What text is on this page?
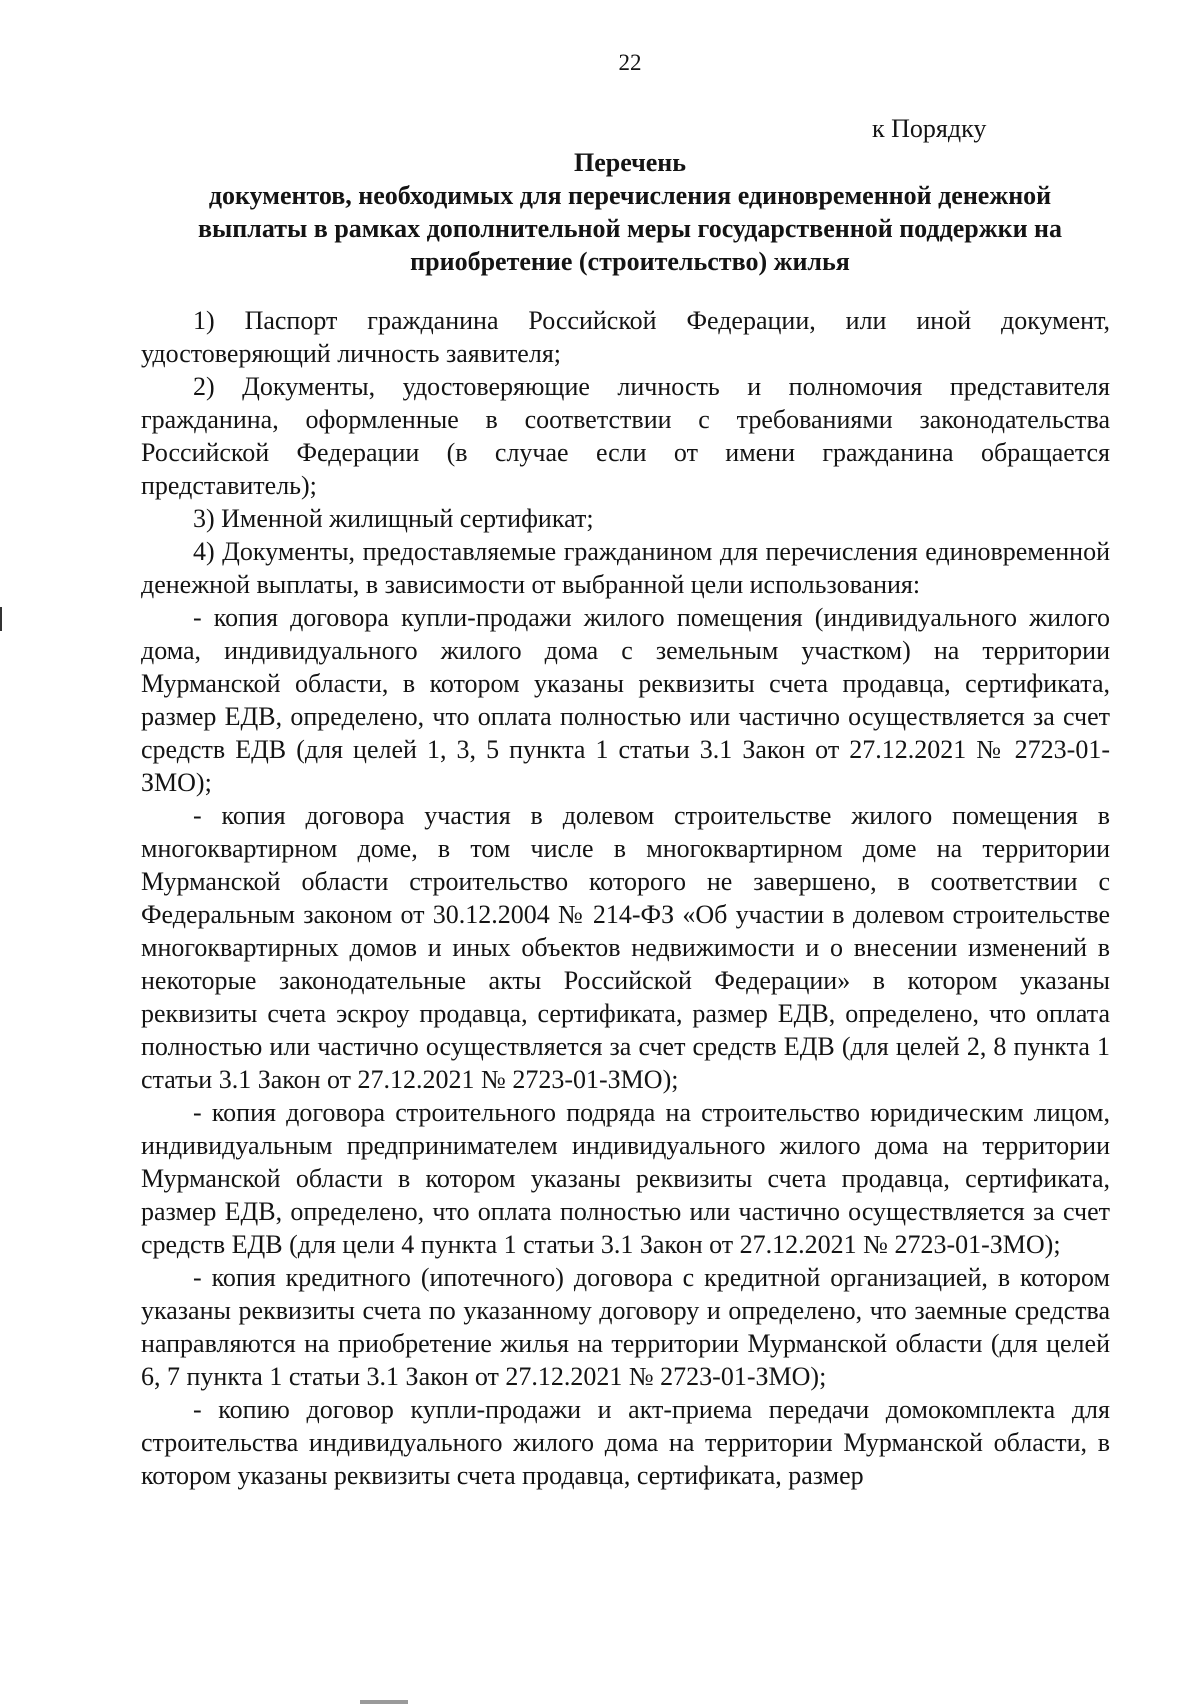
22
к Порядку
Перечень
документов, необходимых для перечисления единовременной денежной
выплаты в рамках дополнительной меры государственной поддержки на
приобретение (строительство) жилья

1) Паспорт гражданина Российской Федерации, или иной документ, удостоверяющий личность заявителя;

2) Документы, удостоверяющие личность и полномочия представителя гражданина, оформленные в соответствии с требованиями законодательства Российской Федерации (в случае если от имени гражданина обращается представитель);

3) Именной жилищный сертификат;

4) Документы, предоставляемые гражданином для перечисления единовременной денежной выплаты, в зависимости от выбранной цели использования:

- копия договора купли-продажи жилого помещения (индивидуального жилого дома, индивидуального жилого дома с земельным участком) на территории Мурманской области, в котором указаны реквизиты счета продавца, сертификата, размер ЕДВ, определено, что оплата полностью или частично осуществляется за счет средств ЕДВ (для целей 1, 3, 5 пункта 1 статьи 3.1 Закон от 27.12.2021 № 2723-01-ЗМО);

- копия договора участия в долевом строительстве жилого помещения в многоквартирном доме, в том числе в многоквартирном доме на территории Мурманской области строительство которого не завершено, в соответствии с Федеральным законом от 30.12.2004 № 214-ФЗ «Об участии в долевом строительстве многоквартирных домов и иных объектов недвижимости и о внесении изменений в некоторые законодательные акты Российской Федерации» в котором указаны реквизиты счета эскроу продавца, сертификата, размер ЕДВ, определено, что оплата полностью или частично осуществляется за счет средств ЕДВ (для целей 2, 8 пункта 1 статьи 3.1 Закон от 27.12.2021 № 2723-01-ЗМО);

- копия договора строительного подряда на строительство юридическим лицом, индивидуальным предпринимателем индивидуального жилого дома на территории Мурманской области в котором указаны реквизиты счета продавца, сертификата, размер ЕДВ, определено, что оплата полностью или частично осуществляется за счет средств ЕДВ (для цели 4 пункта 1 статьи 3.1 Закон от 27.12.2021 № 2723-01-ЗМО);

- копия кредитного (ипотечного) договора с кредитной организацией, в котором указаны реквизиты счета по указанному договору и определено, что заемные средства направляются на приобретение жилья на территории Мурманской области (для целей 6, 7 пункта 1 статьи 3.1 Закон от 27.12.2021 № 2723-01-ЗМО);

- копию договор купли-продажи и акт-приема передачи домокомплекта для строительства индивидуального жилого дома на территории Мурманской области, в котором указаны реквизиты счета продавца, сертификата, размер
